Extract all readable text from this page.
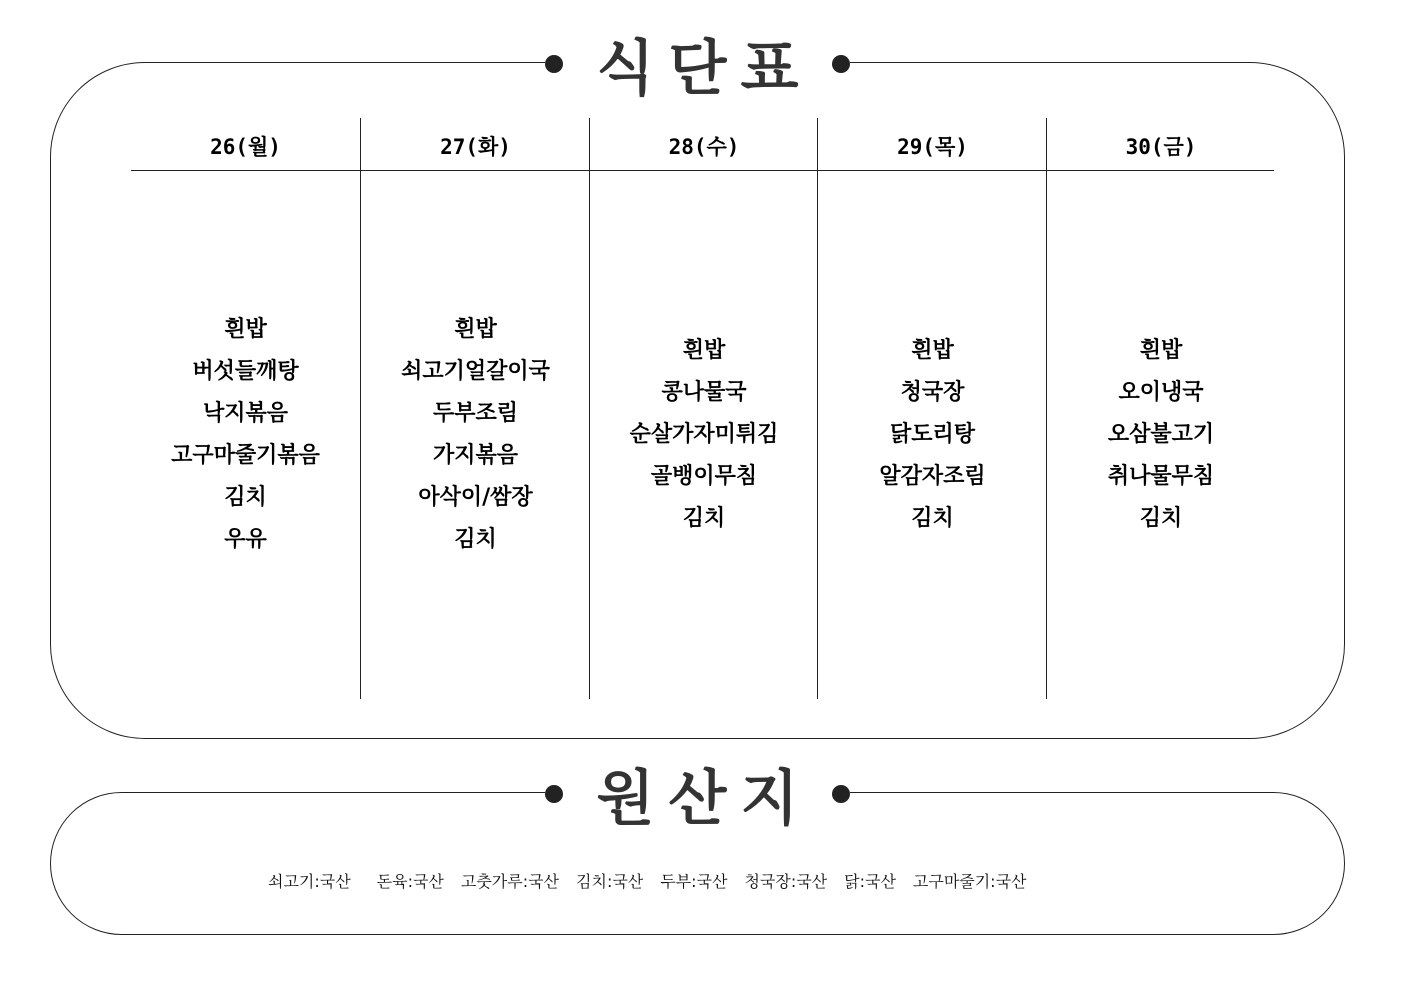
식단표
26(월)
흰밥
버섯들깨탕
낙지볶음
고구마줄기볶음
김치
우유
27(화)
흰밥
쇠고기얼갈이국
두부조림
가지볶음
아삭이/쌈장
김치
28(수)
흰밥
콩나물국
순살가자미튀김
골뱅이무침
김치
29(목)
흰밥
청국장
닭도리탕
알감자조림
김치
30(금)
흰밥
오이냉국
오삼불고기
취나물무침
김치
원산지
쇠고기:국산 돈육:국산 고춧가루:국산 김치:국산 두부:국산 청국장:국산 닭:국산 고구마줄기:국산
